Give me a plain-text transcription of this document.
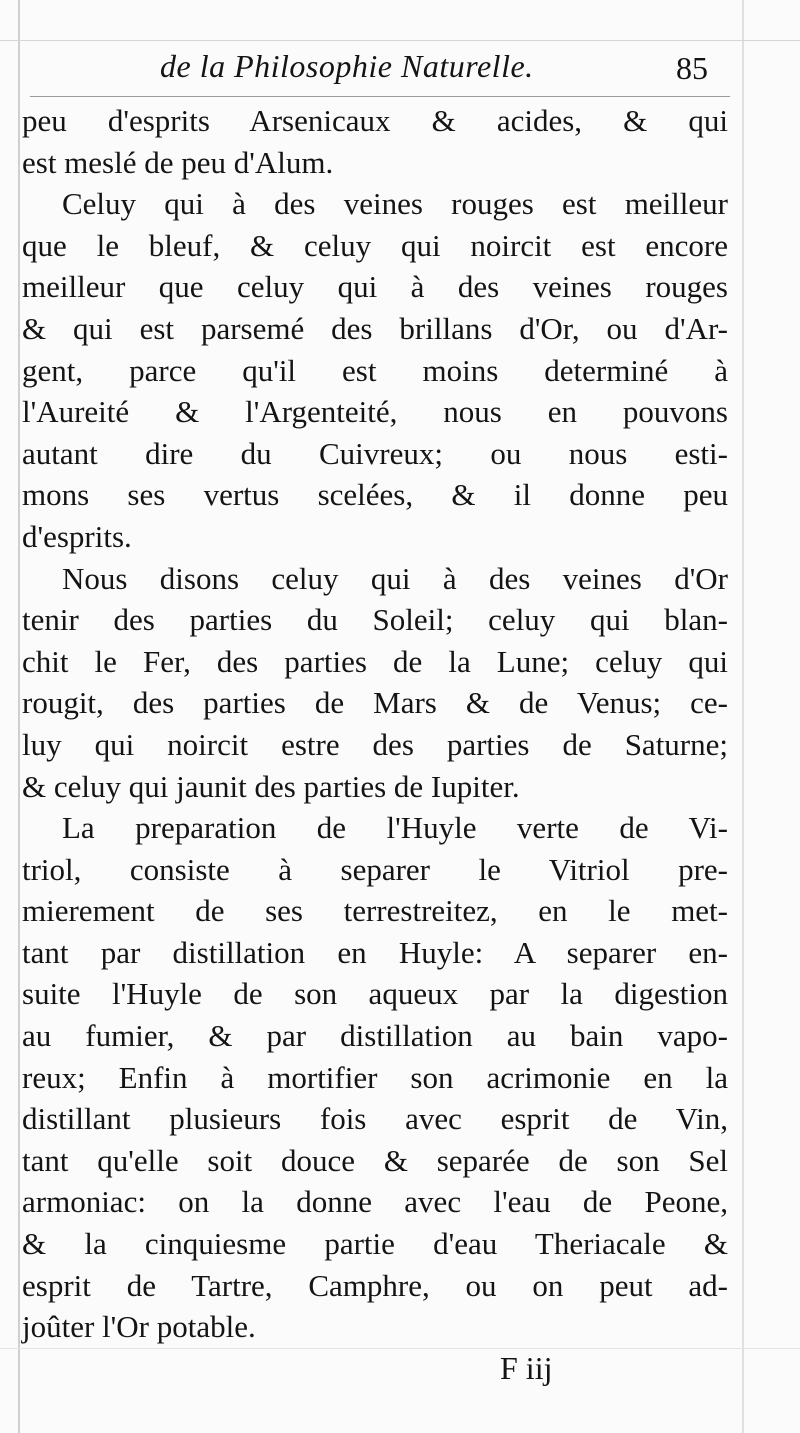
de la Philosophie Naturelle.	85
peu d'esprits Arsenicaux & acides, & qui
est meslé de peu d'Alum.
Celuy qui à des veines rouges est meilleur
que le bleuf, & celuy qui noircit est encore
meilleur que celuy qui à des veines rouges
& qui est parsemé des brillans d'Or, ou d'Ar-
gent, parce qu'il est moins determiné à
l'Aureité & l'Argenteité, nous en pouvons
autant dire du Cuivreux; ou nous esti-
mons ses vertus scelées, & il donne peu
d'esprits.
Nous disons celuy qui à des veines d'Or
tenir des parties du Soleil; celuy qui blan-
chit le Fer, des parties de la Lune; celuy qui
rougit, des parties de Mars & de Venus; ce-
luy qui noircit estre des parties de Saturne;
& celuy qui jaunit des parties de Iupiter.
La preparation de l'Huyle verte de Vi-
triol, consiste à separer le Vitriol pre-
mierement de ses terrestreitez, en le met-
tant par distillation en Huyle: A separer en-
suite l'Huyle de son aqueux par la digestion
au fumier, & par distillation au bain vapo-
reux; Enfin à mortifier son acrimonie en la
distillant plusieurs fois avec esprit de Vin,
tant qu'elle soit douce & separée de son Sel
armoniac: on la donne avec l'eau de Peone,
& la cinquiesme partie d'eau Theriacale &
esprit de Tartre, Camphre, ou on peut ad-
joûter l'Or potable.
F iij
